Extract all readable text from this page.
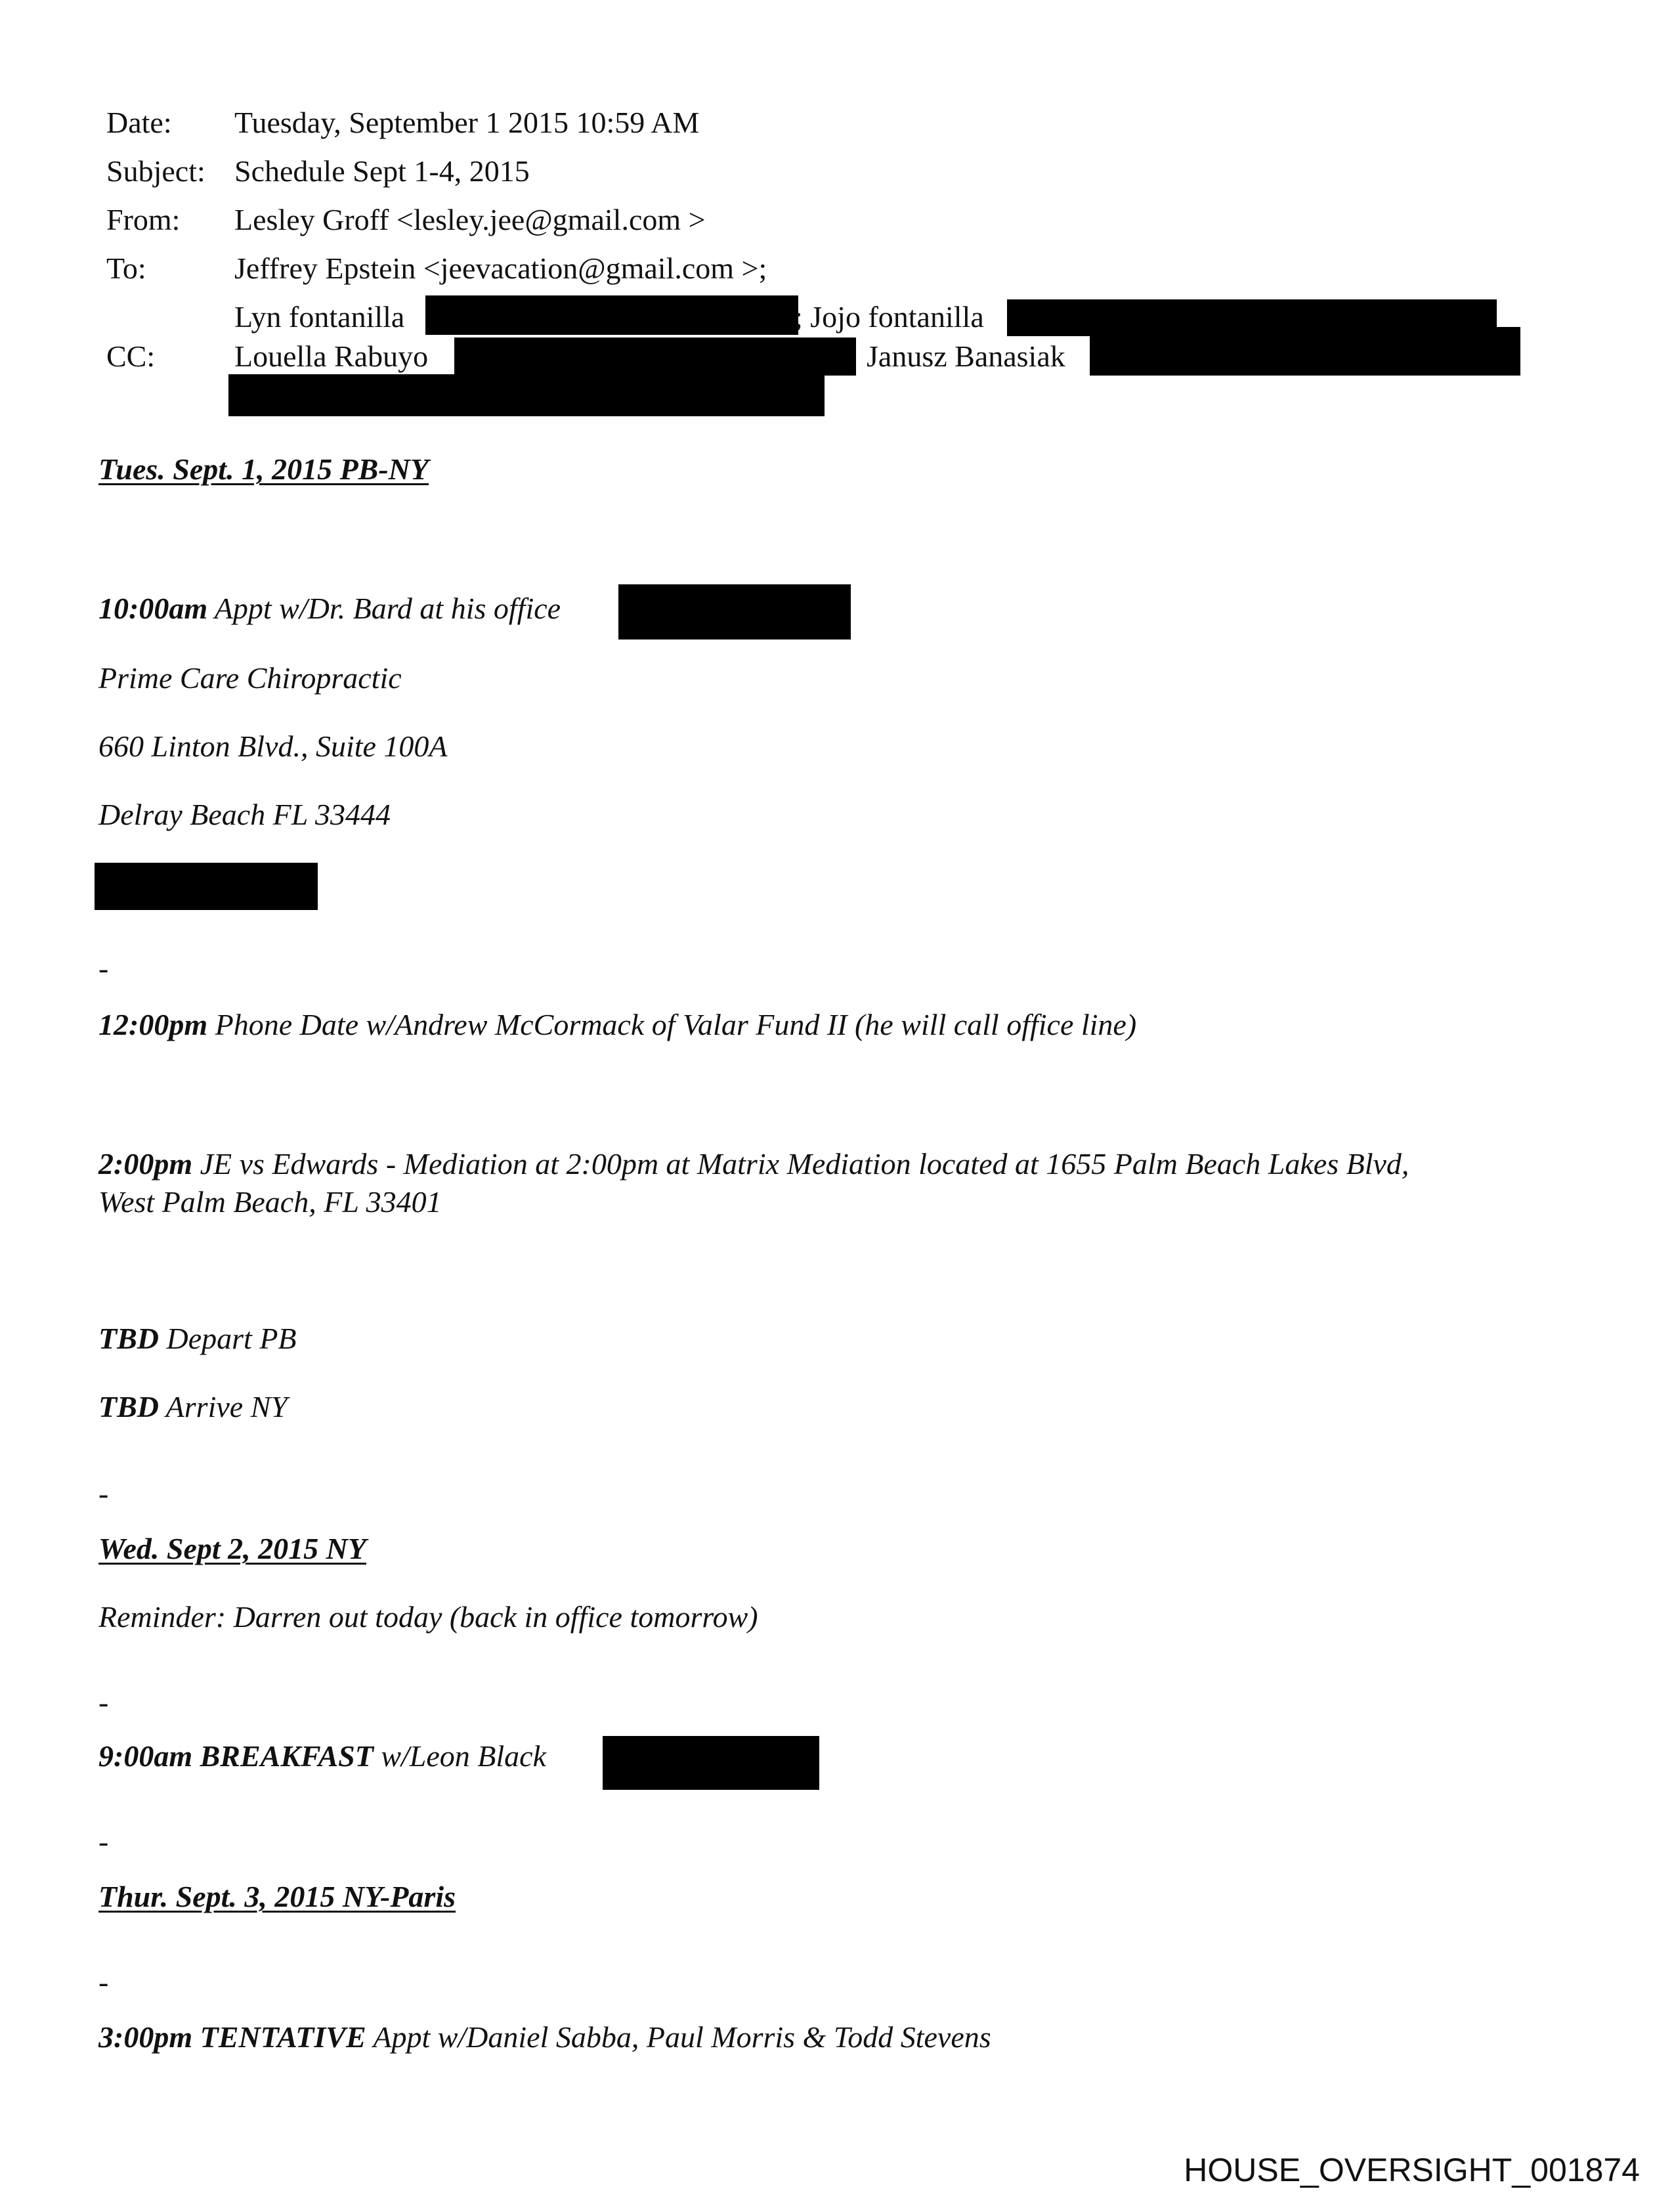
Date: Tuesday, September 1 2015 10:59 AM
Subject: Schedule Sept 1-4, 2015
From: Lesley Groff <lesley.jee@gmail.com >
To:	Jeffrey Epstein <jeevacation@gmail.com >;
Lyn fontanilla	; Jojo fontanilla
CC:	Louella Rabuyo	Janusz Banasiak
Tues. Sept. 1, 2015 PB-NY
10:00am Appt w/Dr. Bard at his office
Prime Care Chiropractic
660 Linton Blvd., Suite 100A
Delray Beach FL 33444
-
12:00pm Phone Date w/Andrew McCormack of Valar Fund II (he will call office line)
2:00pm JE vs Edwards - Mediation at 2:00pm at Matrix Mediation located at 1655 Palm Beach Lakes Blvd,
West Palm Beach, FL 33401
TBD Depart PB
TBD Arrive NY
-
Wed. Sept 2, 2015 NY
Reminder: Darren out today (back in office tomorrow)
-
9:00am BREAKFAST w/Leon Black
-
Thur. Sept. 3, 2015 NY-Paris
-
3:00pm TENTATIVE Appt w/Daniel Sabba, Paul Morris & Todd Stevens
HOUSE_OVERSIGHT_001874
